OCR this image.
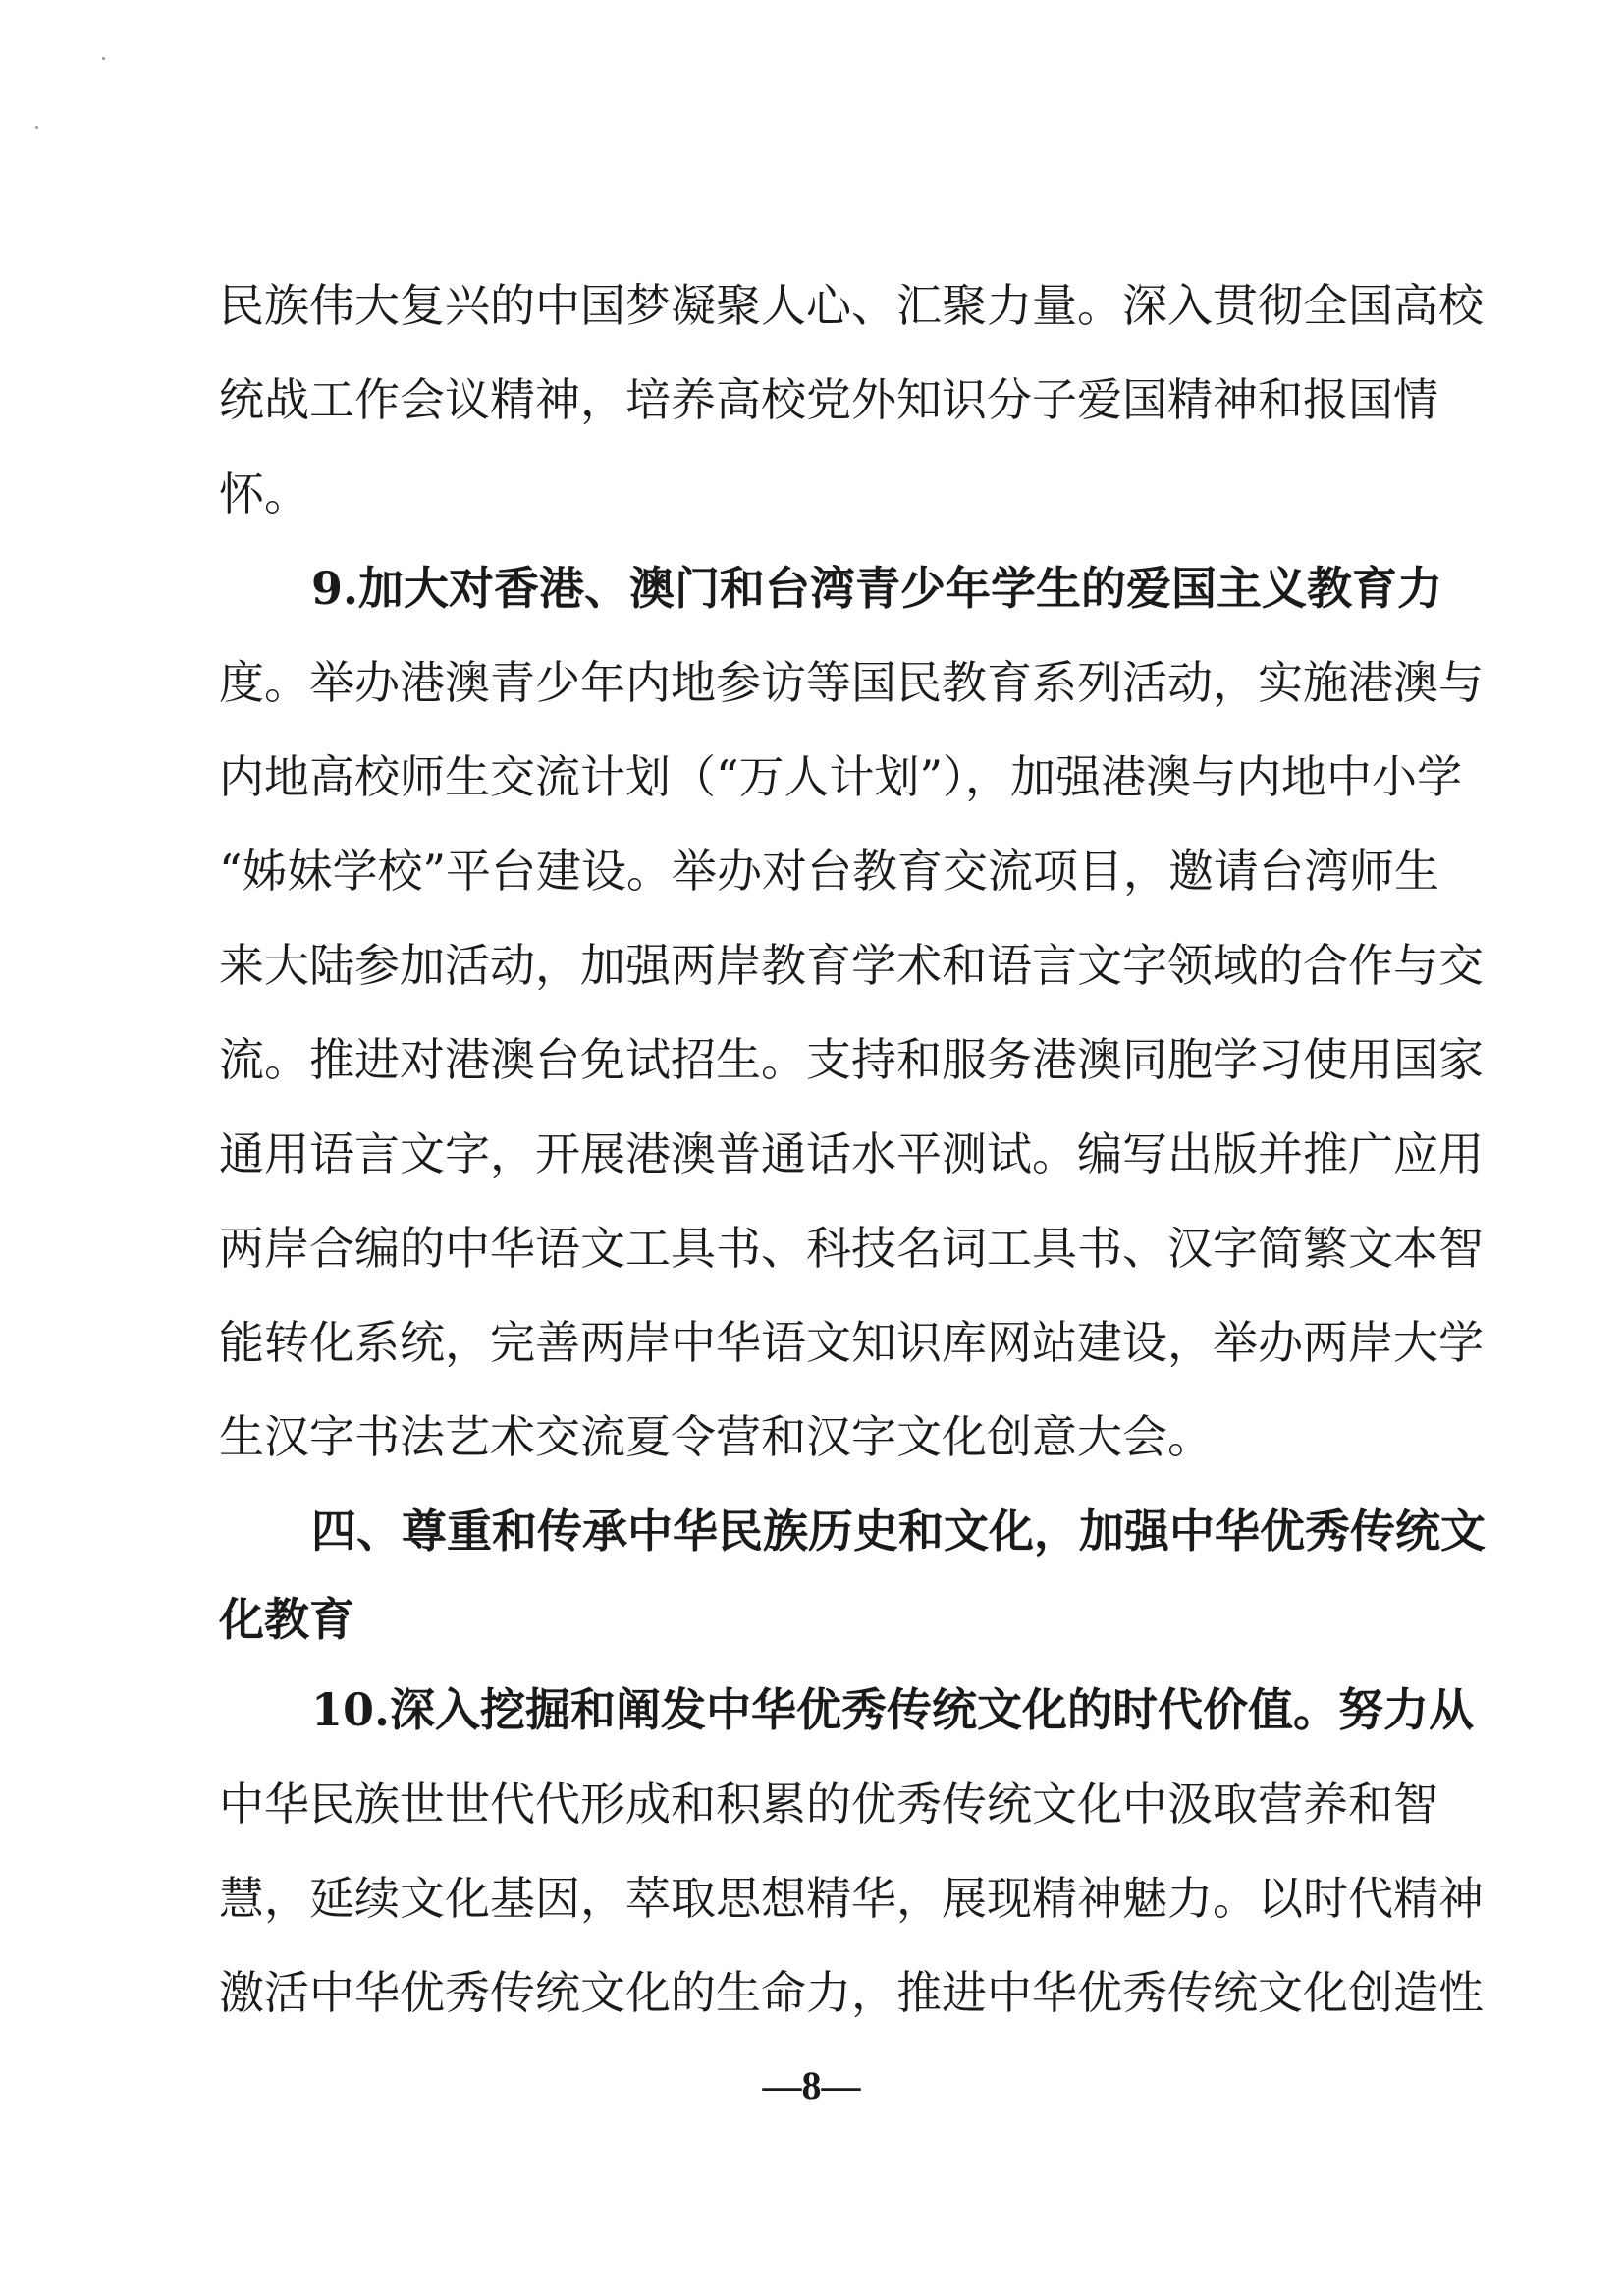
民族伟大复兴的中国梦凝聚人心、汇聚力量。深入贯彻全国高校
统战工作会议精神，培养高校党外知识分子爱国精神和报国情
怀。
9.加大对香港、澳门和台湾青少年学生的爱国主义教育力
度。举办港澳青少年内地参访等国民教育系列活动，实施港澳与
内地高校师生交流计划（“万人计划”），加强港澳与内地中小学
“姊妹学校”平台建设。举办对台教育交流项目，邀请台湾师生
来大陆参加活动，加强两岸教育学术和语言文字领域的合作与交
流。推进对港澳台免试招生。支持和服务港澳同胞学习使用国家
通用语言文字，开展港澳普通话水平测试。编写出版并推广应用
两岸合编的中华语文工具书、科技名词工具书、汉字简繁文本智
能转化系统，完善两岸中华语文知识库网站建设，举办两岸大学
生汉字书法艺术交流夏令营和汉字文化创意大会。
四、尊重和传承中华民族历史和文化，加强中华优秀传统文
化教育
10.深入挖掘和阐发中华优秀传统文化的时代价值。努力从
中华民族世世代代形成和积累的优秀传统文化中汲取营养和智
慧，延续文化基因，萃取思想精华，展现精神魅力。以时代精神
激活中华优秀传统文化的生命力，推进中华优秀传统文化创造性
—8—
